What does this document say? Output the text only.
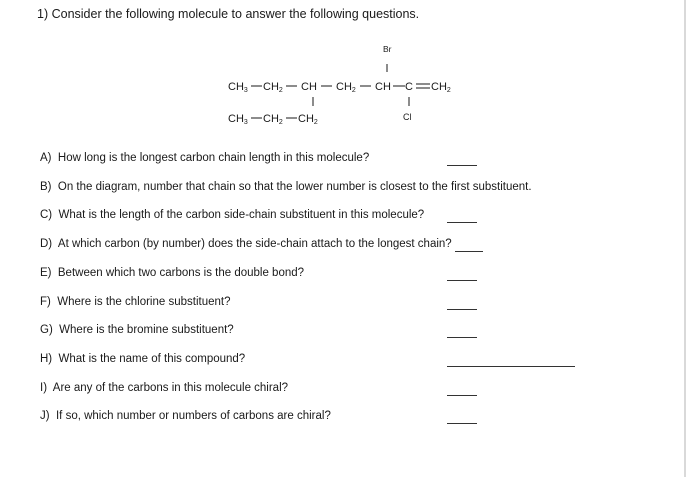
1) Consider the following molecule to answer the following questions.
Br
CH3 CH2 CH CH2 CH C CH2
CH3 CH2 CH2
Cl
A) How long is the longest carbon chain length in this molecule?
B) On the diagram, number that chain so that the lower number is closest to the first substituent.
C) What is the length of the carbon side-chain substituent in this molecule?
D) At which carbon (by number) does the side-chain attach to the longest chain?
E) Between which two carbons is the double bond?
F) Where is the chlorine substituent?
G) Where is the bromine substituent?
H) What is the name of this compound?
I) Are any of the carbons in this molecule chiral?
J) If so, which number or numbers of carbons are chiral?
